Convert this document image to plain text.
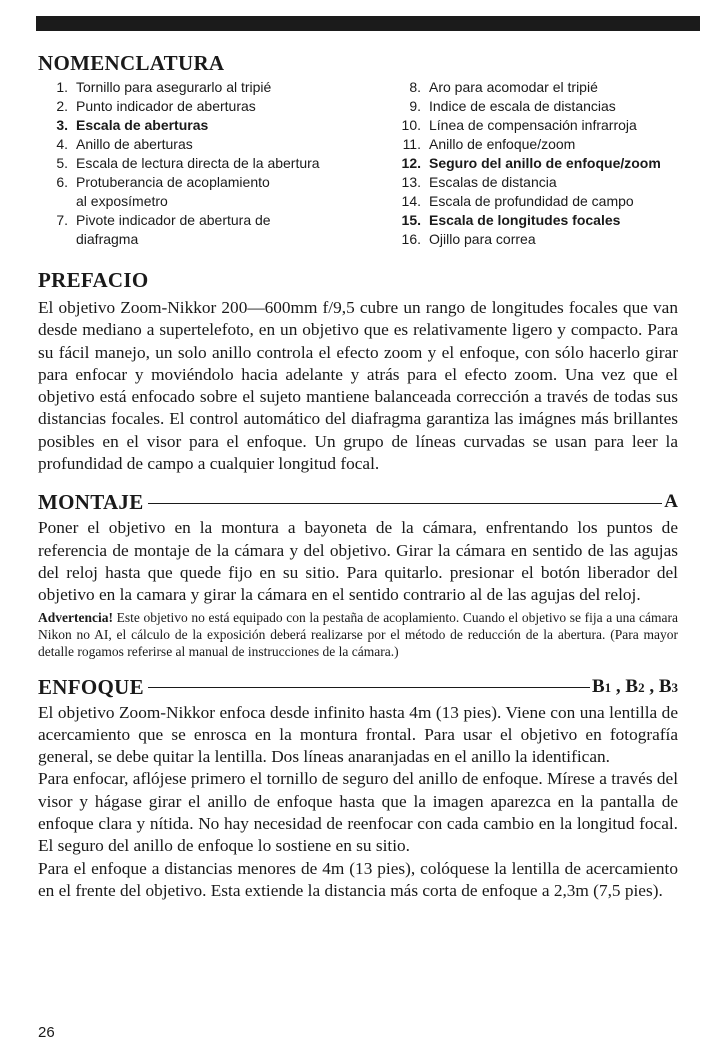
NOMENCLATURA
1. Tornillo para asegurarlo al tripié
2. Punto indicador de aberturas
3. Escala de aberturas
4. Anillo de aberturas
5. Escala de lectura directa de la abertura
6. Protuberancia de acoplamiento
al exposímetro
7. Pivote indicador de abertura de
diafragma
8. Aro para acomodar el tripié
9. Indice de escala de distancias
10. Línea de compensación infrarroja
11. Anillo de enfoque/zoom
12. Seguro del anillo de enfoque/zoom
13. Escalas de distancia
14. Escala de profundidad de campo
15. Escala de longitudes focales
16. Ojillo para correa
PREFACIO

El objetivo Zoom-Nikkor 200—600mm f/9,5 cubre un rango de longitudes focales que van desde mediano a supertelefoto, en un objetivo que es relativamente ligero y compacto. Para su fácil manejo, un solo anillo controla el efecto zoom y el enfoque, con sólo hacerlo girar para enfocar y moviéndolo hacia adelante y atrás para el efecto zoom. Una vez que el objetivo está enfocado sobre el sujeto mantiene balanceada corrección a través de todas sus distancias focales. El control automático del diafragma garantiza las imágnes más brillantes posibles en el visor para el enfoque. Un grupo de líneas curvadas se usan para leer la profundidad de campo a cualquier longitud focal.

MONTAJE	A

Poner el objetivo en la montura a bayoneta de la cámara, enfrentando los puntos de referencia de montaje de la cámara y del objetivo. Girar la cámara en sentido de las agujas del reloj hasta que quede fijo en su sitio. Para quitarlo. presionar el botón liberador del objetivo en la camara y girar la cámara en el sentido contrario al de las agujas del reloj.

Advertencia! Este objetivo no está equipado con la pestaña de acoplamiento. Cuando el objetivo se fija a una cámara Nikon no AI, el cálculo de la exposición deberá realizarse por el método de reducción de la abertura. (Para mayor detalle rogamos referirse al manual de instrucciones de la cámara.)

ENFOQUE	B1 , B2 , B3

El objetivo Zoom-Nikkor enfoca desde infinito hasta 4m (13 pies). Viene con una lentilla de acercamiento que se enrosca en la montura frontal. Para usar el objetivo en fotografía general, se debe quitar la lentilla. Dos líneas anaranjadas en el anillo la identifican.

Para enfocar, aflójese primero el tornillo de seguro del anillo de enfoque. Mírese a través del visor y hágase girar el anillo de enfoque hasta que la imagen aparezca en la pantalla de enfoque clara y nítida. No hay necesidad de reenfocar con cada cambio en la longitud focal. El seguro del anillo de enfoque lo sostiene en su sitio.

Para el enfoque a distancias menores de 4m (13 pies), colóquese la lentilla de acercamiento en el frente del objetivo. Esta extiende la distancia más corta de enfoque a 2,3m (7,5 pies).

26
